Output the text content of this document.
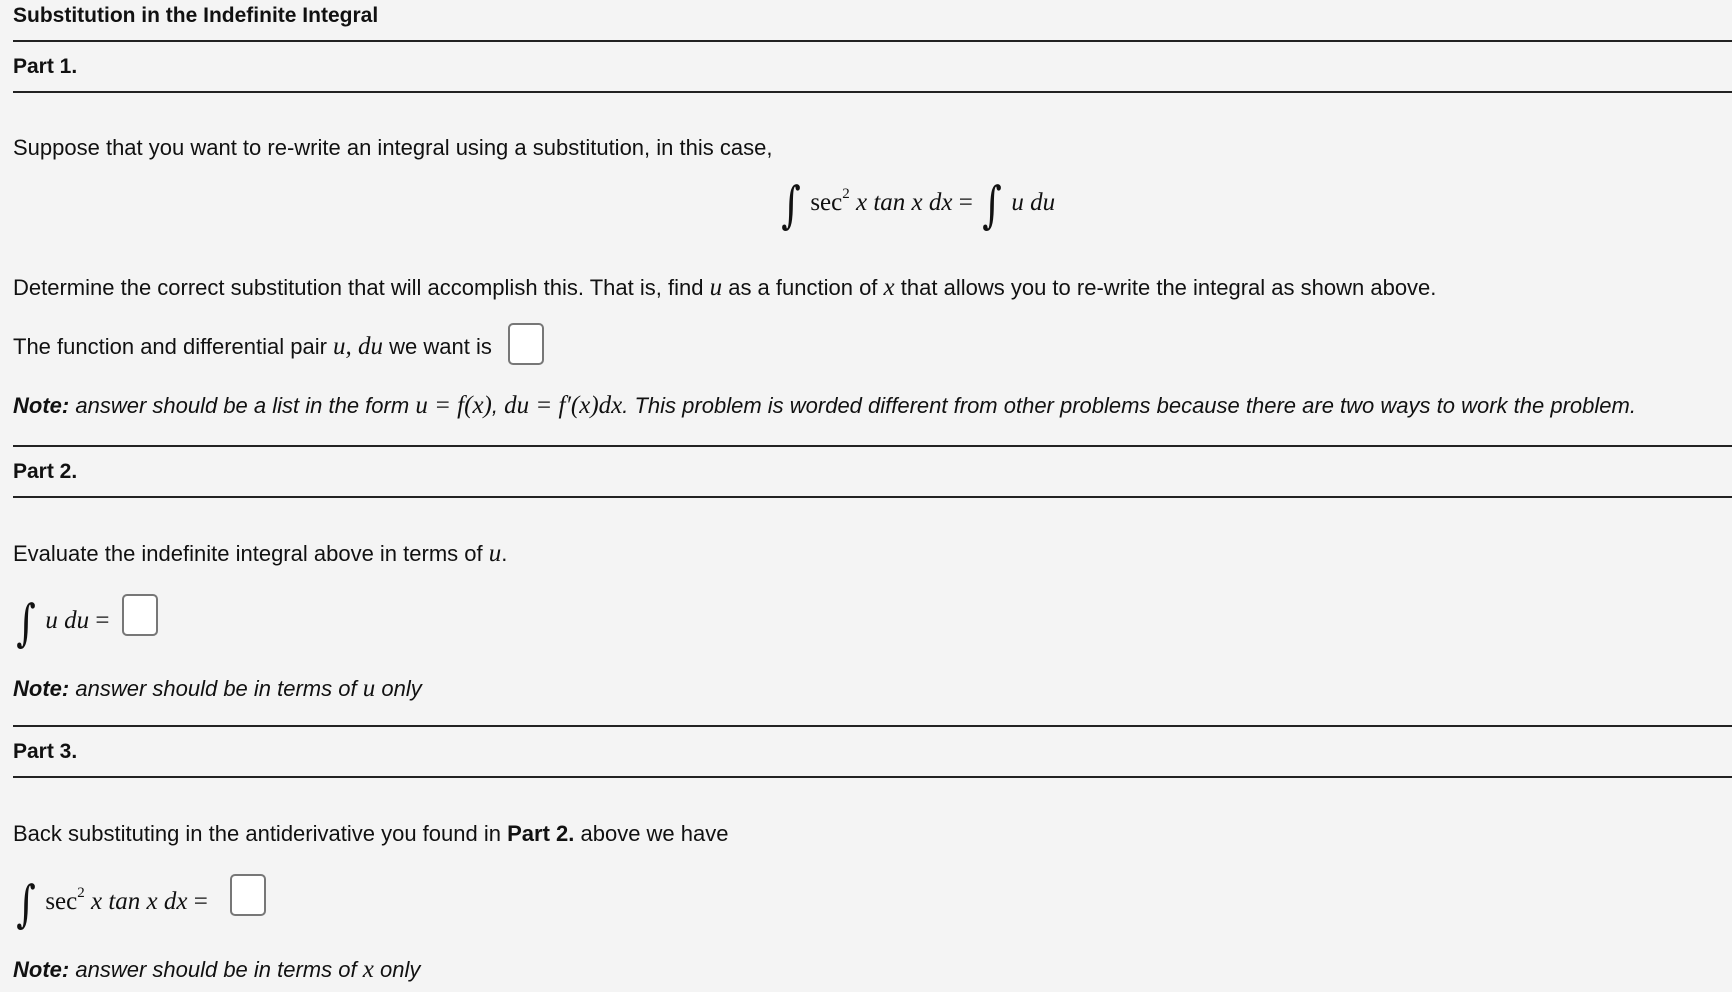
Substitution in the Indefinite Integral
Part 1.
Suppose that you want to re-write an integral using a substitution, in this case,
∫ $\sec^2 x$ tan x dx = ∫ u du
Determine the correct substitution that will accomplish this. That is, find u as a function of x that allows you to re-write the integral as shown above.
The function and differential pair u, du we want is
Note: answer should be a list in the form u = f(x), du = f′(x)dx. This problem is worded different from other problems because there are two ways to work the problem.
Part 2.
Evaluate the indefinite integral above in terms of u.
∫ u du =
Note: answer should be in terms of u only
Part 3.
Back substituting in the antiderivative you found in Part 2. above we have
∫ $\sec^2 x$ tan x dx =
Note: answer should be in terms of x only
